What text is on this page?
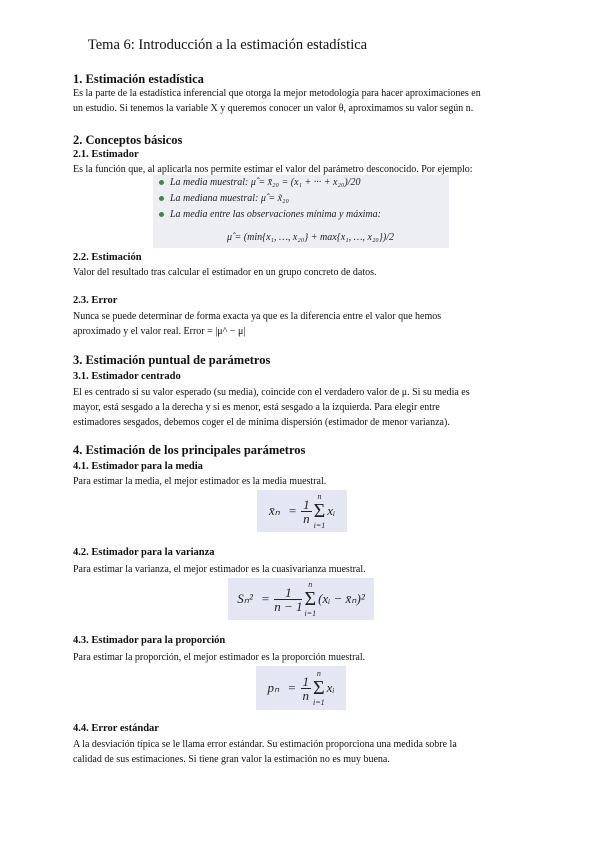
Tema 6: Introducción a la estimación estadística
1. Estimación estadística

Es la parte de la estadística inferencial que otorga la mejor metodología para hacer aproximaciones en

un estudio. Si tenemos la variable X y queremos conocer un valor θ, aproximamos su valor según n.

2. Conceptos básicos
2.1. Estimador

Es la función que, al aplicarla nos permite estimar el valor del parámetro desconocido. Por ejemplo:

2.2. Estimación

Valor del resultado tras calcular el estimador en un grupo concreto de datos.

2.3. Error

Nunca se puede determinar de forma exacta ya que es la diferencia entre el valor que hemos

aproximado y el valor real. Error = |μ^ − μ|

3. Estimación puntual de parámetros
3.1. Estimador centrado

El es centrado si su valor esperado (su media), coincide con el verdadero valor de μ. Si su media es

mayor, está sesgado a la derecha y si es menor, está sesgado a la izquierda. Para elegir entre

estimadores sesgados, debemos coger el de mínima dispersión (estimador de menor varianza).

4. Estimación de los principales parámetros
4.1. Estimador para la media

Para estimar la media, el mejor estimador es la media muestral.

4.2. Estimador para la varianza

Para estimar la varianza, el mejor estimador es la cuasivarianza muestral.

4.3. Estimador para la proporción

Para estimar la proporción, el mejor estimador es la proporción muestral.

4.4. Error estándar

A la desviación típica se le llama error estándar. Su estimación proporciona una medida sobre la

calidad de sus estimaciones. Si tiene gran valor la estimación no es muy buena.

La media muestral: μ̂ = x̄₂₀ = (x₁ + ··· + x₂₀)/20
La mediana muestral: μ̂ = x̃₂₀
La media entre las observaciones mínima y máxima:
μ̂ = (min{x₁, …, x₂₀} + max{x₁, …, x₂₀})/2
x̄ₙ = $\frac{1}{n}$
n
Σ
i=1
xᵢ
$S_n^2 = \frac{1}{n - 1}$
n
Σ
i=1
(xᵢ − x̄ₙ)²
$p_n = \frac{1}{n}$
n
Σ
i=1
xᵢ
